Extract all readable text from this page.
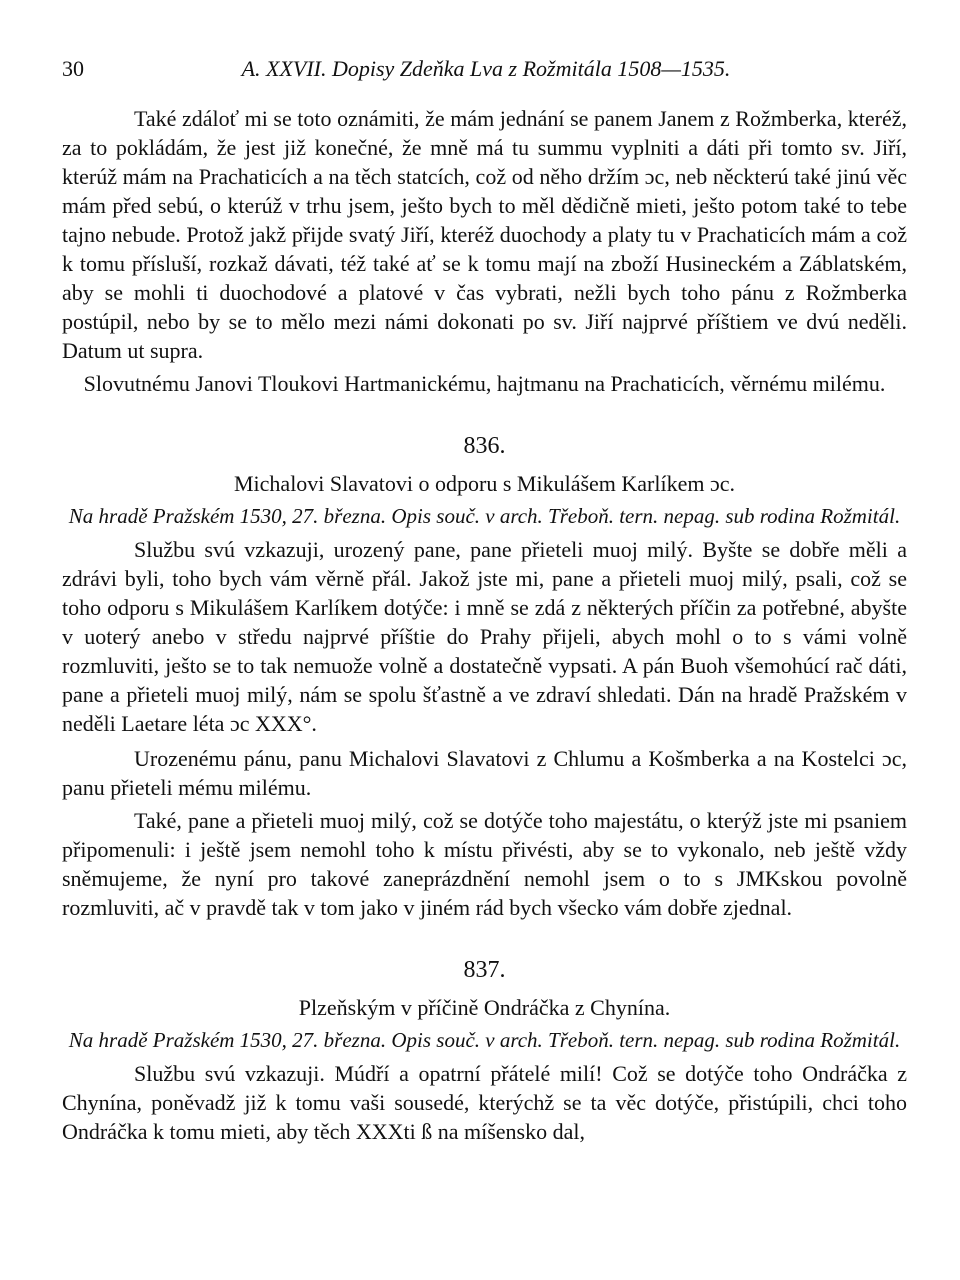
30	A. XXVII. Dopisy Zdeňka Lva z Rožmitála 1508—1535.

Také zdáloť mi se toto oznámiti, že mám jednání se panem Janem z Rožmberka, kteréž, za to pokládám, že jest již konečné, že mně má tu summu vyplniti a dáti při tomto sv. Jiří, kterúž mám na Prachaticích a na těch statcích, což od něho držím ɔc, neb něckterú také jinú věc mám před sebú, o kterúž v trhu jsem, ješto bych to měl dědičně mieti, ješto potom také to tebe tajno nebude. Protož jakž přijde svatý Jiří, kteréž duochody a platy tu v Prachaticích mám a což k tomu přísluší, rozkaž dávati, též také ať se k tomu mají na zboží Husineckém a Záblatském, aby se mohli ti duochodové a platové v čas vybrati, nežli bych toho pánu z Rožmberka postúpil, nebo by se to mělo mezi námi dokonati po sv. Jiří najprvé příštiem ve dvú neděli. Datum ut supra.

Slovutnému Janovi Tloukovi Hartmanickému, hajtmanu na Prachaticích, věrnému milému.

836.

Michalovi Slavatovi o odporu s Mikulášem Karlíkem ɔc.

Na hradě Pražském 1530, 27. března. Opis souč. v arch. Třeboň. tern. nepag. sub rodina Rožmitál.

Službu svú vzkazuji, urozený pane, pane přieteli muoj milý. Byšte se dobře měli a zdrávi byli, toho bych vám věrně přál. Jakož jste mi, pane a přieteli muoj milý, psali, což se toho odporu s Mikulášem Karlíkem dotýče: i mně se zdá z některých příčin za potřebné, abyšte v uoterý anebo v středu najprvé příštie do Prahy přijeli, abych mohl o to s vámi volně rozmluviti, ješto se to tak nemuože volně a dostatečně vypsati. A pán Buoh všemohúcí rač dáti, pane a přieteli muoj milý, nám se spolu šťastně a ve zdraví shledati. Dán na hradě Pražském v neděli Laetare léta ɔc XXX°.

Urozenému pánu, panu Michalovi Slavatovi z Chlumu a Košmberka a na Kostelci ɔc, panu přieteli mému milému.

Také, pane a přieteli muoj milý, což se dotýče toho majestátu, o kterýž jste mi psaniem připomenuli: i ještě jsem nemohl toho k místu přivésti, aby se to vykonalo, neb ještě vždy sněmujeme, že nyní pro takové zaneprázdnění nemohl jsem o to s JMKskou povolně rozmluviti, ač v pravdě tak v tom jako v jiném rád bych všecko vám dobře zjednal.

837.

Plzeňským v příčině Ondráčka z Chynína.

Na hradě Pražském 1530, 27. března. Opis souč. v arch. Třeboň. tern. nepag. sub rodina Rožmitál.

Službu svú vzkazuji. Múdří a opatrní přátelé milí! Což se dotýče toho Ondráčka z Chynína, poněvadž již k tomu vaši sousedé, kterýchž se ta věc dotýče, přistúpili, chci toho Ondráčka k tomu mieti, aby těch XXXti ß na míšensko dal,
